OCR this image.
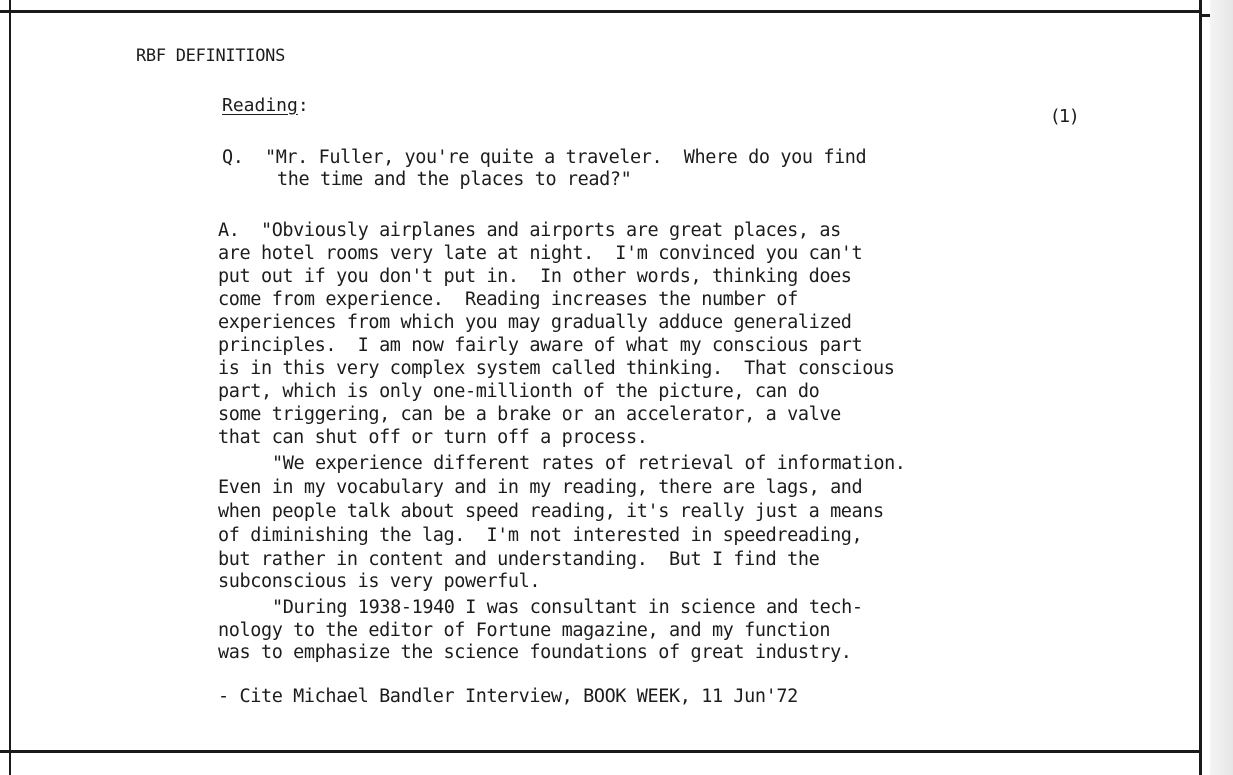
RBF DEFINITIONS
Reading:
(1)
Q.  "Mr. Fuller, you're quite a traveler.  Where do you find
the time and the places to read?"
A.  "Obviously airplanes and airports are great places, as
are hotel rooms very late at night.  I'm convinced you can't
put out if you don't put in.  In other words, thinking does
come from experience.  Reading increases the number of
experiences from which you may gradually adduce generalized
principles.  I am now fairly aware of what my conscious part
is in this very complex system called thinking.  That conscious
part, which is only one-millionth of the picture, can do
some triggering, can be a brake or an accelerator, a valve
that can shut off or turn off a process.
"We experience different rates of retrieval of information.
Even in my vocabulary and in my reading, there are lags, and
when people talk about speed reading, it's really just a means
of diminishing the lag.  I'm not interested in speedreading,
but rather in content and understanding.  But I find the
subconscious is very powerful.
"During 1938-1940 I was consultant in science and tech-
nology to the editor of Fortune magazine, and my function
was to emphasize the science foundations of great industry.
- Cite Michael Bandler Interview, BOOK WEEK, 11 Jun'72
